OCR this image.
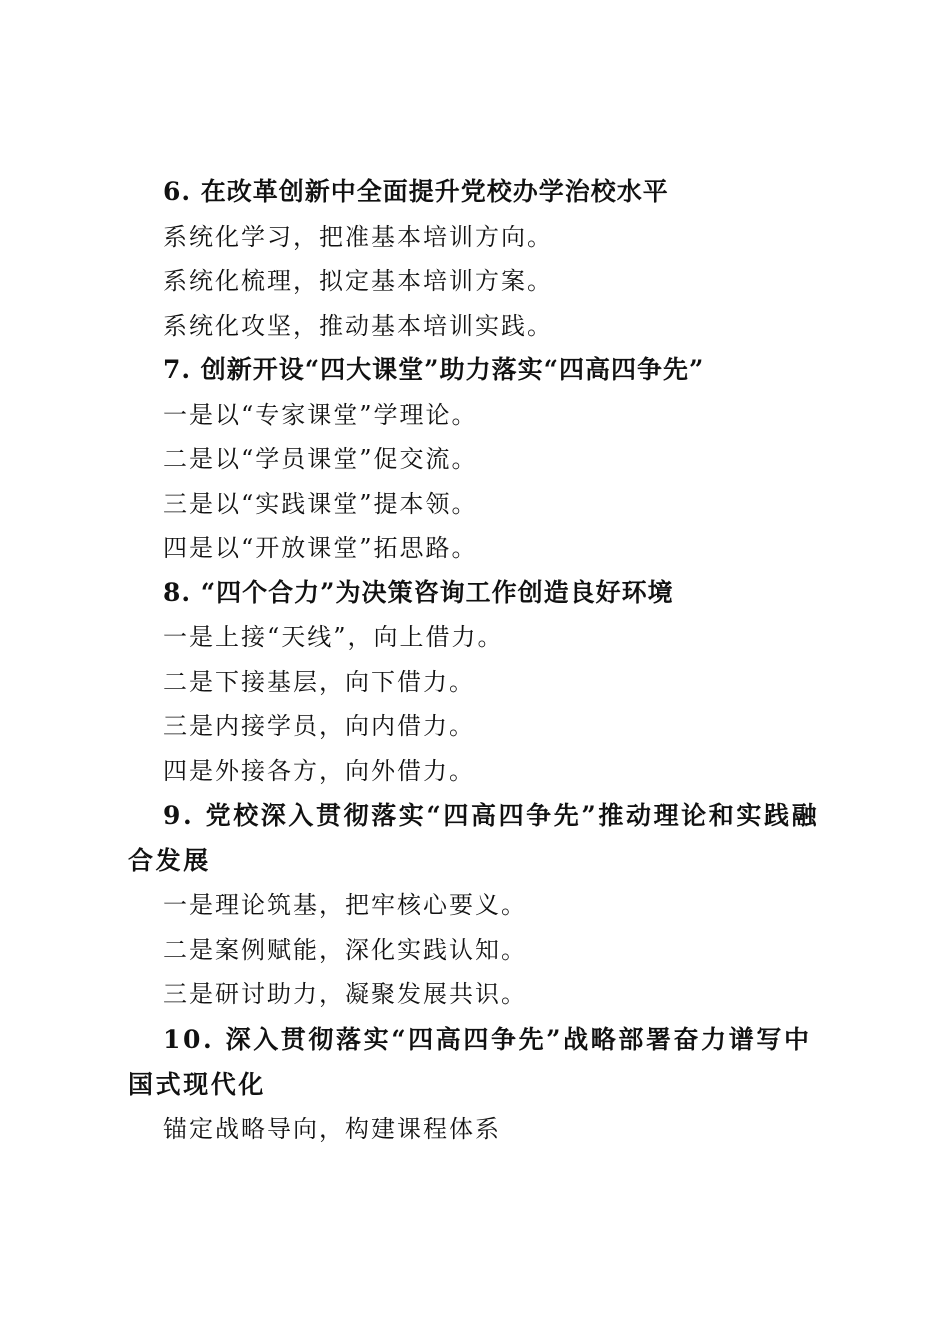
6. 在改革创新中全面提升党校办学治校水平

系统化学习，把准基本培训方向。

系统化梳理，拟定基本培训方案。

系统化攻坚，推动基本培训实践。

7. 创新开设“四大课堂”助力落实“四高四争先”

一是以“专家课堂”学理论。

二是以“学员课堂”促交流。

三是以“实践课堂”提本领。

四是以“开放课堂”拓思路。

8. “四个合力”为决策咨询工作创造良好环境

一是上接“天线”，向上借力。

二是下接基层，向下借力。

三是内接学员，向内借力。

四是外接各方，向外借力。

9. 党校深入贯彻落实“四高四争先”推动理论和实践融合发展

一是理论筑基，把牢核心要义。

二是案例赋能，深化实践认知。

三是研讨助力，凝聚发展共识。

10. 深入贯彻落实“四高四争先”战略部署奋力谱写中国式现代化

锚定战略导向，构建课程体系
